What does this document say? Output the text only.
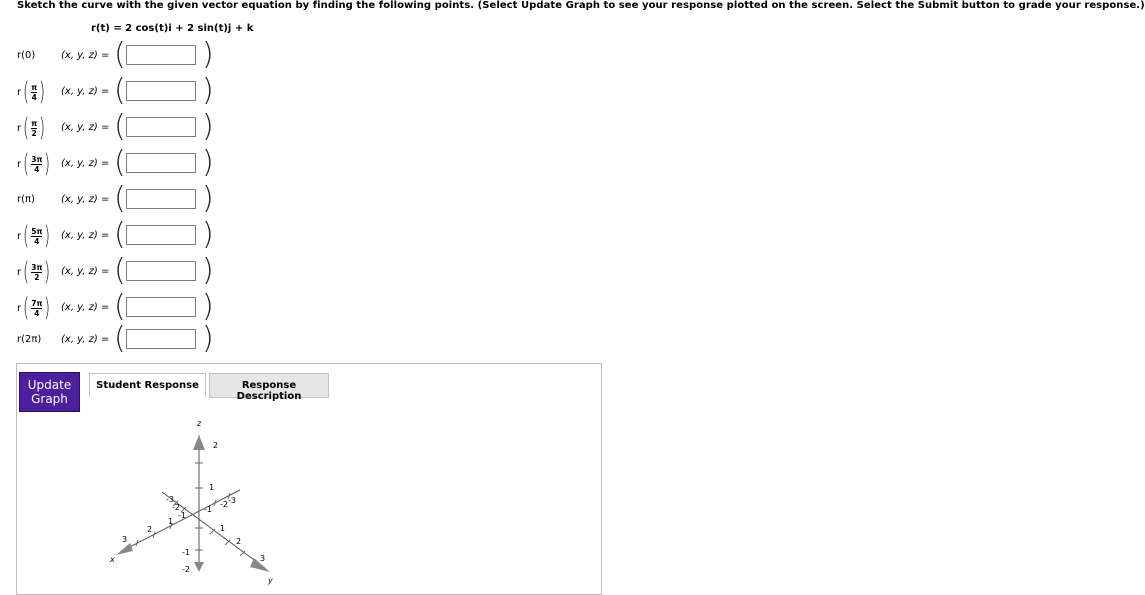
Sketch the curve with the given vector equation by finding the following points. (Select Update Graph to see your response plotted on the screen. Select the Submit button to grade your response.)
r(t) = 2 cos(t)i + 2 sin(t)j + k
r(0)	(x, y, z) = (	)
r ( π
4 ) (x, y, z) = (	)
r ( π
2 ) (x, y, z) = (	)
r ( 3π
4 ) (x, y, z) = (	)
r(π)	(x, y, z) = (	)
r ( 5π
4 ) (x, y, z) = (	)
r ( 3π
2 ) (x, y, z) = (	)
r ( 7π
4 ) (x, y, z) = (	)
r(2π) (x, y, z) = (	)
Update Graph
Student Response	Response Description
z
x
y
2
1
-1
-2
-3
-2
-1
1
2
3
-3
-2
-1
1
2
3
